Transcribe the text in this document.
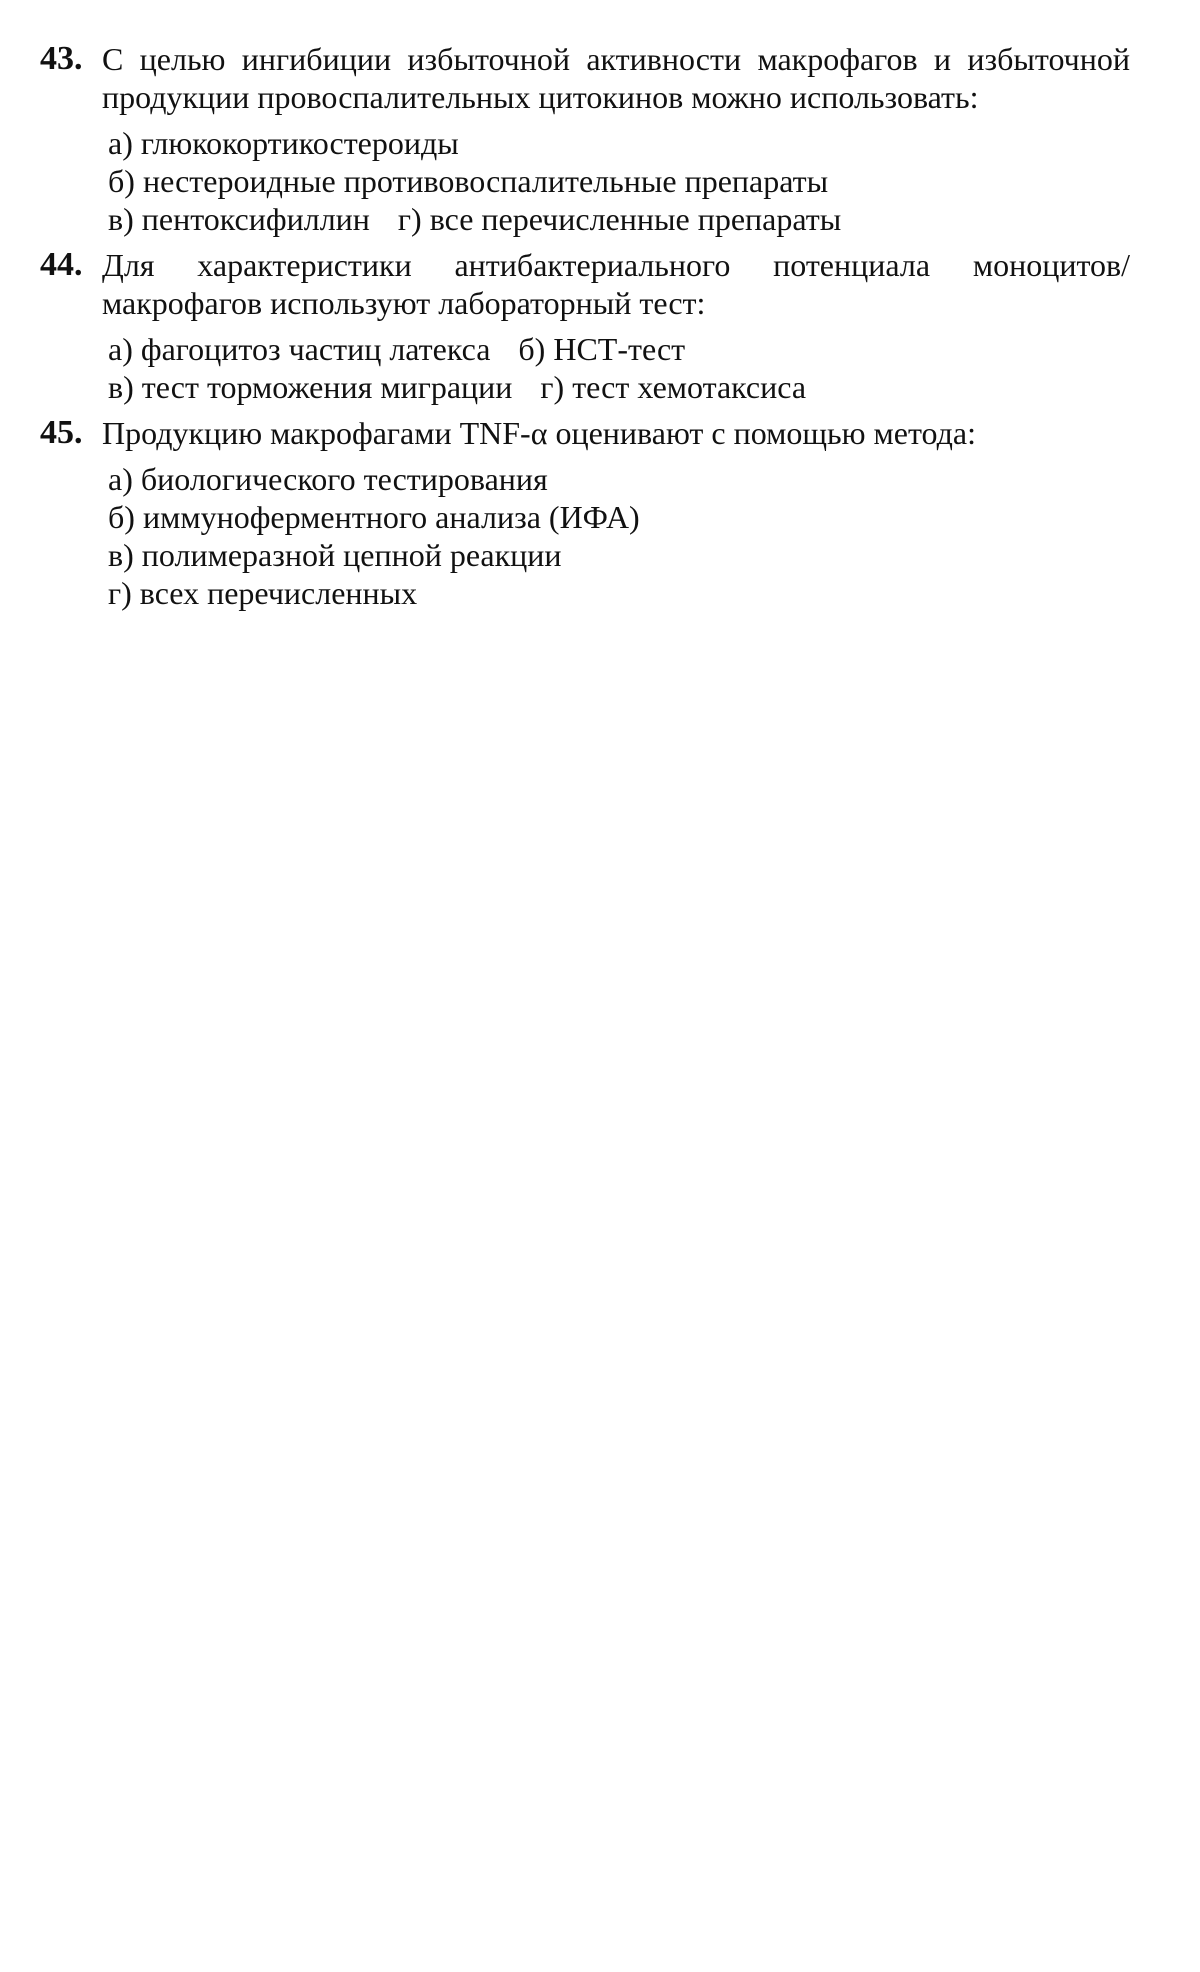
43. С целью ингибиции избыточной активности макрофагов и избыточной продукции провоспалительных цитокинов можно использовать:
а) глюкокортикостероиды
б) нестероидные противовоспалительные препараты
в) пентоксифиллин г) все перечисленные препараты
44. Для характеристики антибактериального потенциала моноцитов/макрофагов используют лабораторный тест:
а) фагоцитоз частиц латекса б) НСТ-тест
в) тест торможения миграции г) тест хемотаксиса
45. Продукцию макрофагами TNF-α оценивают с помощью метода:
а) биологического тестирования
б) иммуноферментного анализа (ИФА)
в) полимеразной цепной реакции
г) всех перечисленных
